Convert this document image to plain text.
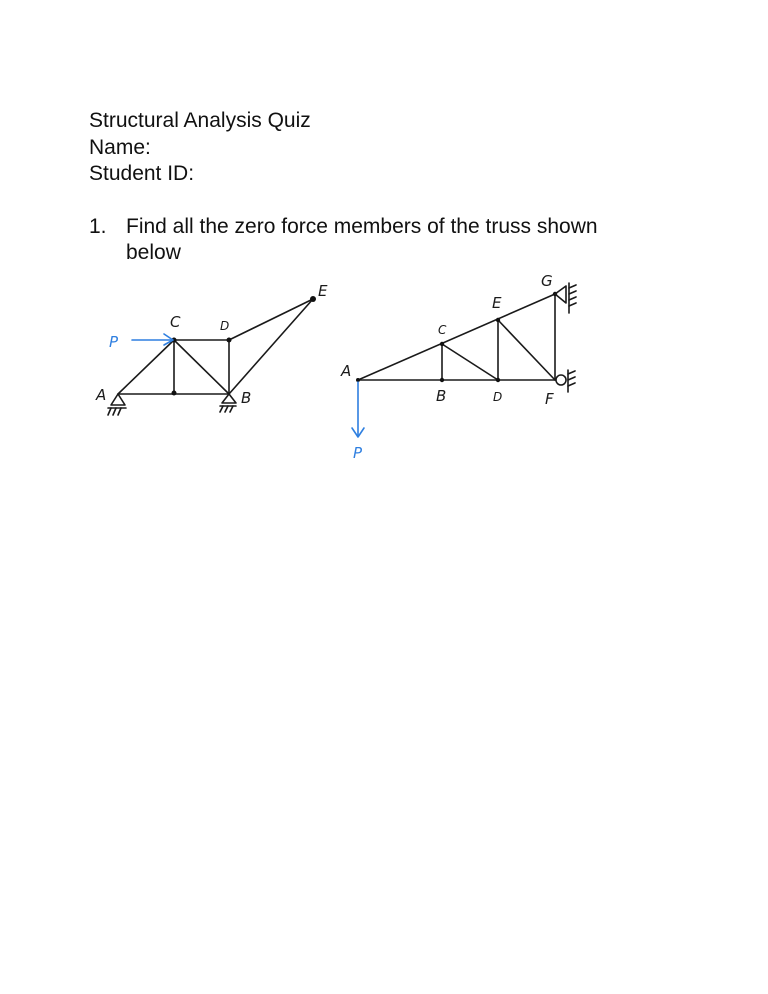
Structural Analysis Quiz
Name:
Student ID:
1. Find all the zero force members of the truss shown below
P
A
C	D
E
B
P
A
B
C
D
E
F
G
